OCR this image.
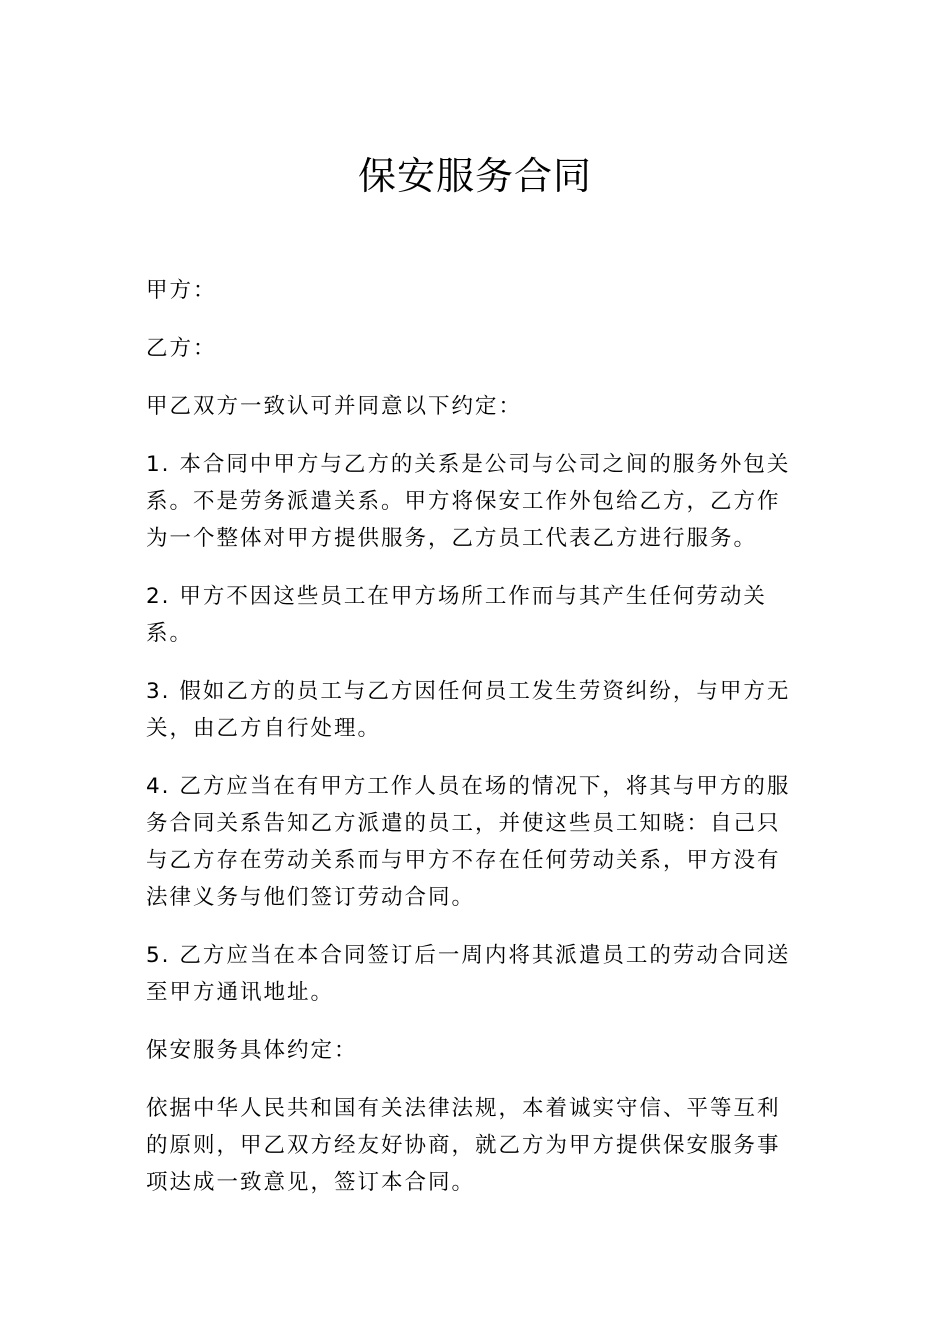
保安服务合同

甲方：

乙方：

甲乙双方一致认可并同意以下约定：

1. 本合同中甲方与乙方的关系是公司与公司之间的服务外包关系。不是劳务派遣关系。甲方将保安工作外包给乙方，乙方作为一个整体对甲方提供服务，乙方员工代表乙方进行服务。

2. 甲方不因这些员工在甲方场所工作而与其产生任何劳动关系。

3. 假如乙方的员工与乙方因任何员工发生劳资纠纷，与甲方无关，由乙方自行处理。

4. 乙方应当在有甲方工作人员在场的情况下，将其与甲方的服务合同关系告知乙方派遣的员工，并使这些员工知晓：自己只与乙方存在劳动关系而与甲方不存在任何劳动关系，甲方没有法律义务与他们签订劳动合同。

5. 乙方应当在本合同签订后一周内将其派遣员工的劳动合同送至甲方通讯地址。

保安服务具体约定：

依据中华人民共和国有关法律法规，本着诚实守信、平等互利的原则，甲乙双方经友好协商，就乙方为甲方提供保安服务事项达成一致意见，签订本合同。
